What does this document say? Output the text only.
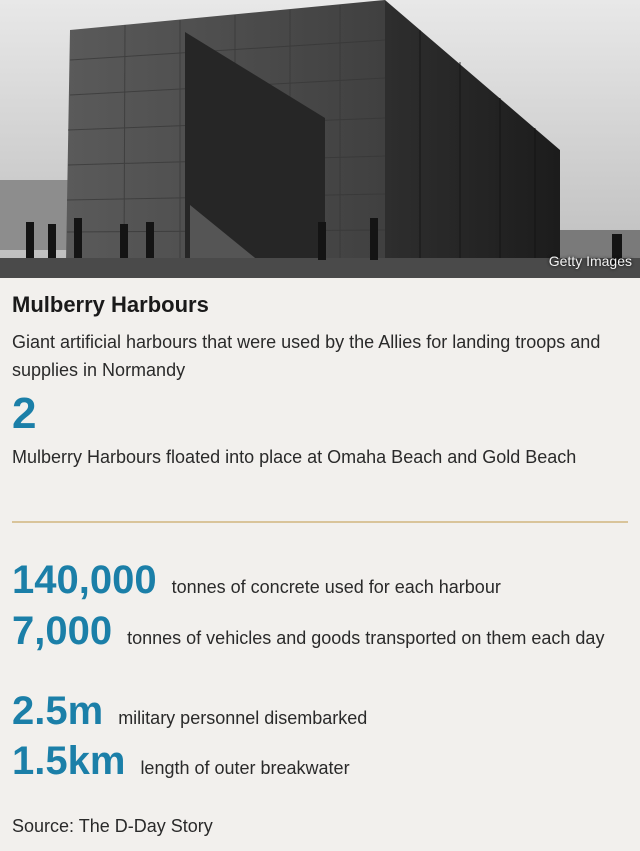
Getty Images
Mulberry Harbours
Giant artificial harbours that were used by the Allies for landing troops and supplies in Normandy
2
Mulberry Harbours floated into place at Omaha Beach and Gold Beach
140,000 tonnes of concrete used for each harbour
7,000 tonnes of vehicles and goods transported on them each day
2.5m military personnel disembarked
1.5km length of outer breakwater
Source: The D-Day Story
